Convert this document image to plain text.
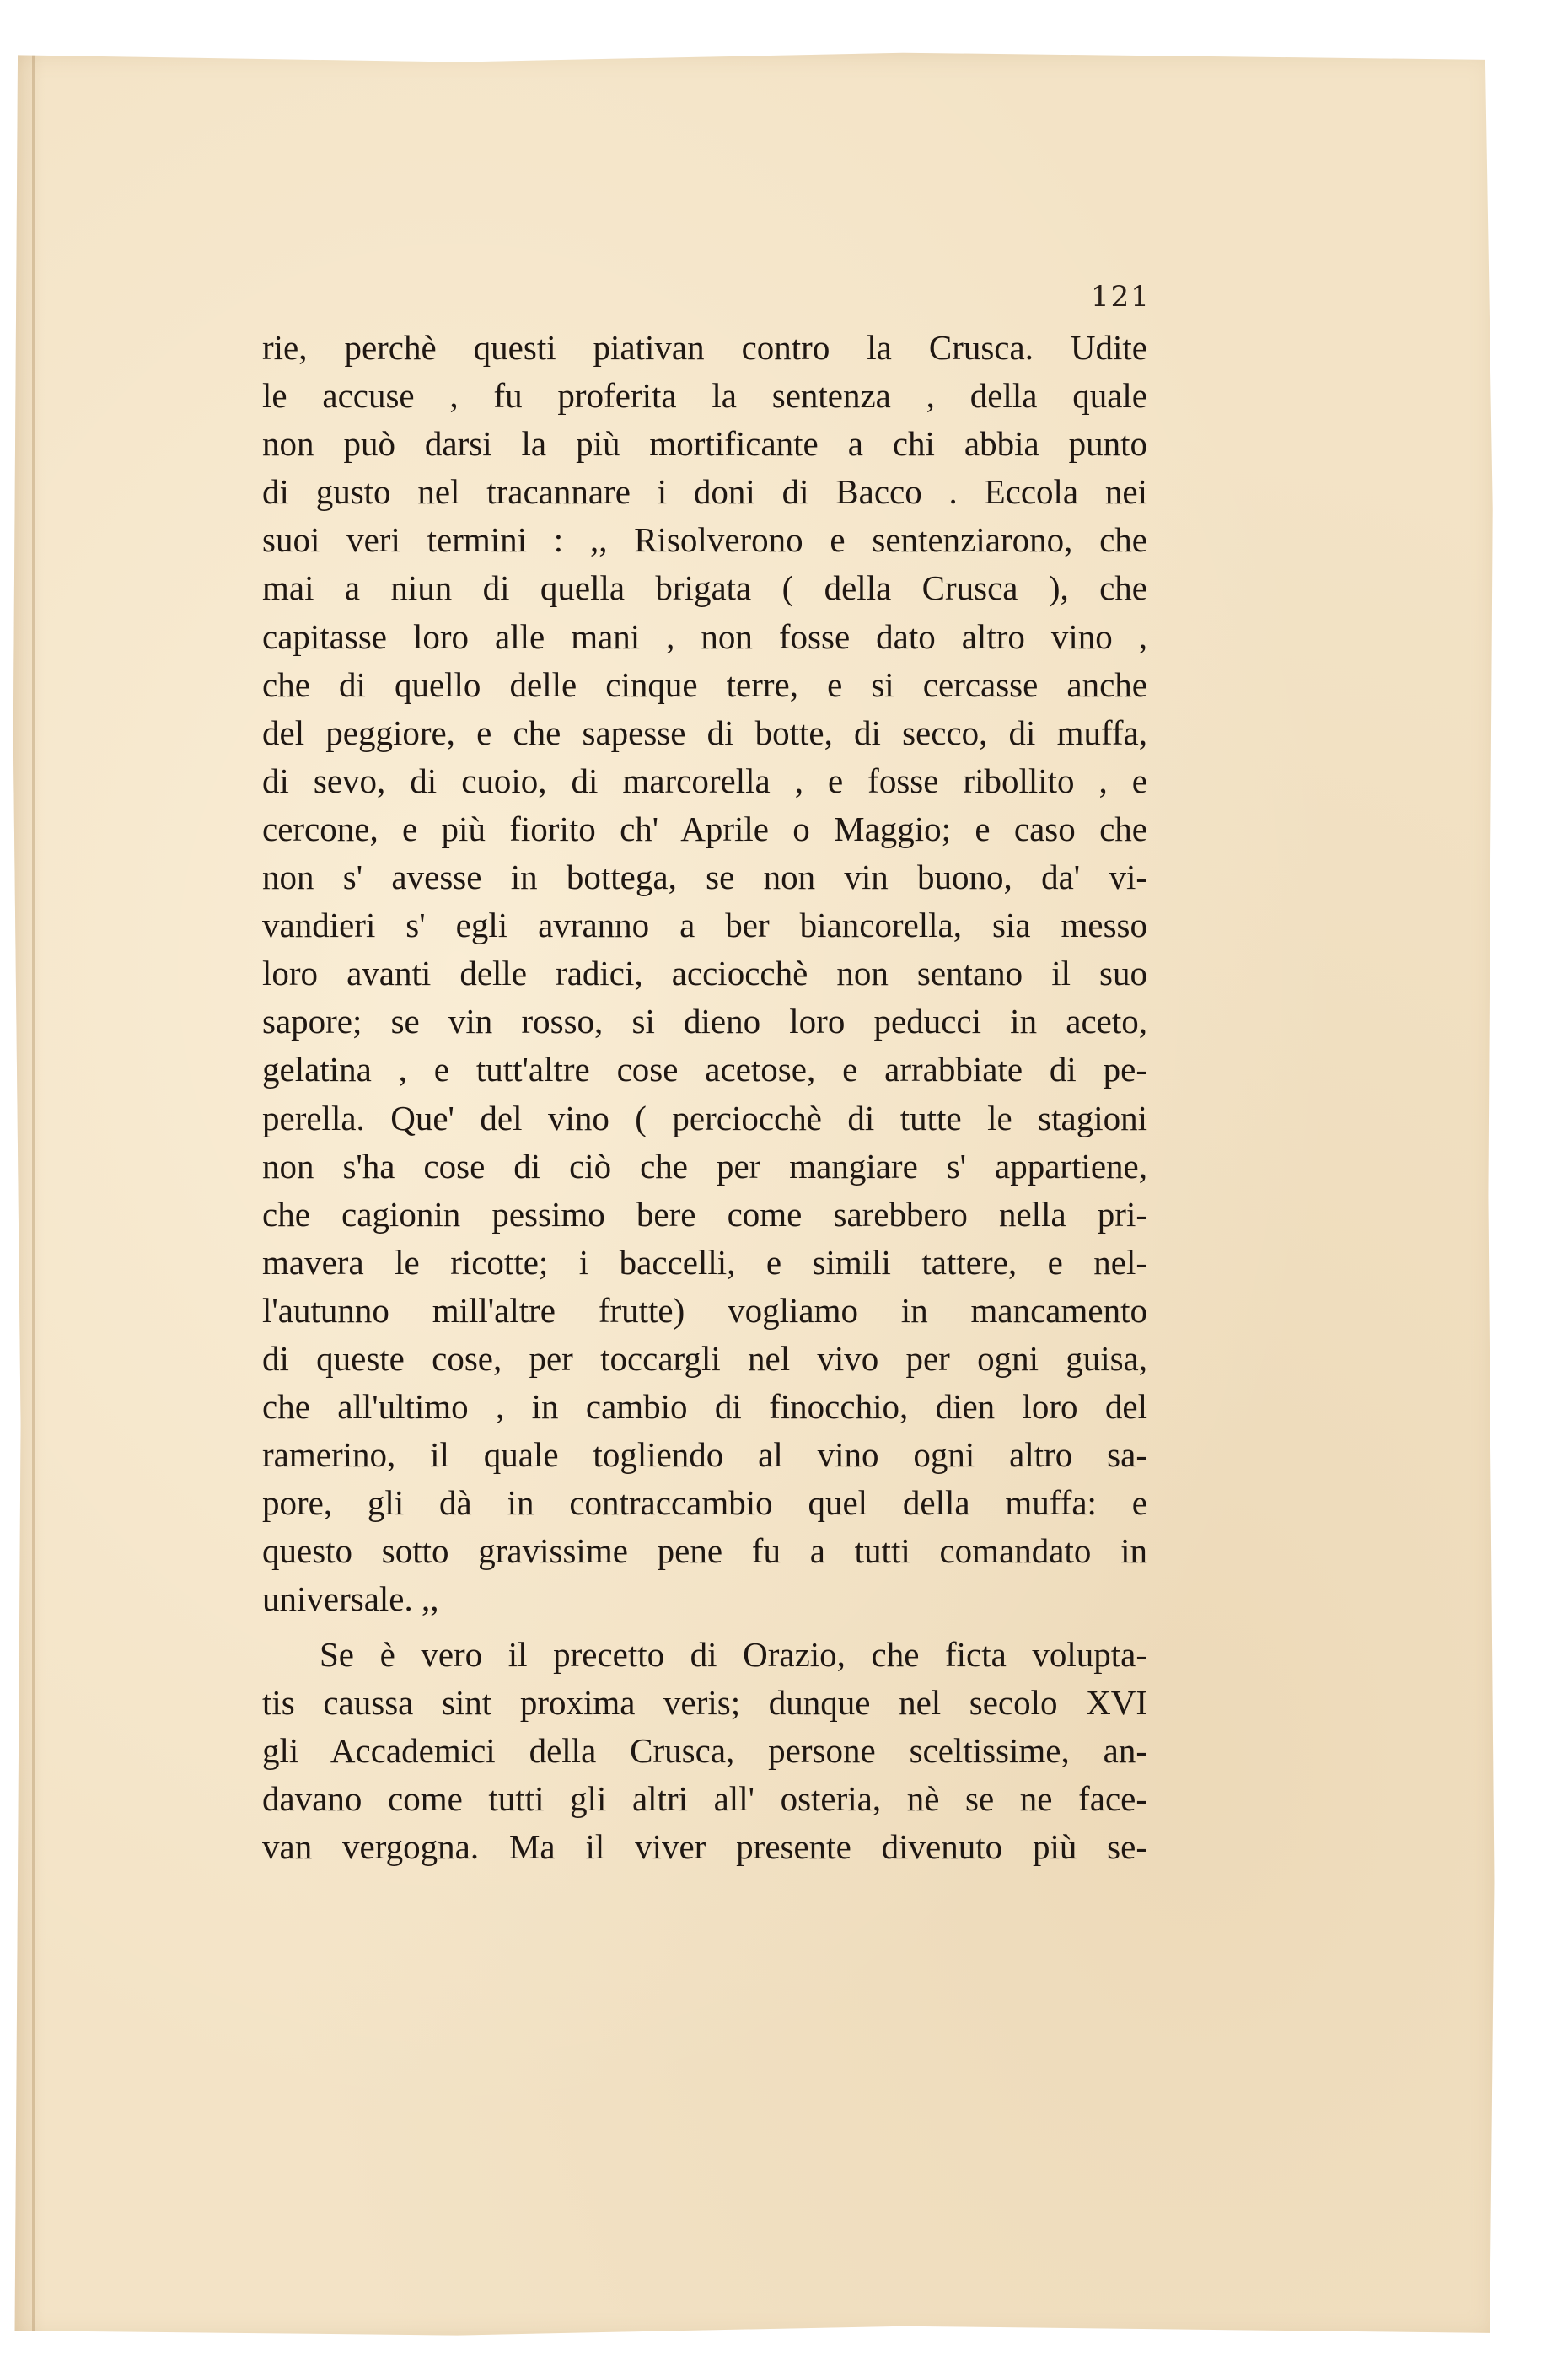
121
rie, perchè questi piativan contro la Crusca. Udite
le accuse , fu proferita la sentenza , della quale
non può darsi la più mortificante a chi abbia punto
di gusto nel tracannare i doni di Bacco . Eccola nei
suoi veri termini : ,, Risolverono e sentenziarono, che
mai a niun di quella brigata ( della Crusca ), che
capitasse loro alle mani , non fosse dato altro vino ,
che di quello delle cinque terre, e si cercasse anche
del peggiore, e che sapesse di botte, di secco, di muffa,
di sevo, di cuoio, di marcorella , e fosse ribollito , e
cercone, e più fiorito ch' Aprile o Maggio; e caso che
non s' avesse in bottega, se non vin buono, da' vi-
vandieri s' egli avranno a ber biancorella, sia messo
loro avanti delle radici, acciocchè non sentano il suo
sapore; se vin rosso, si dieno loro peducci in aceto,
gelatina , e tutt'altre cose acetose, e arrabbiate di pe-
perella. Que' del vino ( perciocchè di tutte le stagioni
non s'ha cose di ciò che per mangiare s' appartiene,
che cagionin pessimo bere come sarebbero nella pri-
mavera le ricotte; i baccelli, e simili tattere, e nel-
l'autunno mill'altre frutte) vogliamo in mancamento
di queste cose, per toccargli nel vivo per ogni guisa,
che all'ultimo , in cambio di finocchio, dien loro del
ramerino, il quale togliendo al vino ogni altro sa-
pore, gli dà in contraccambio quel della muffa: e
questo sotto gravissime pene fu a tutti comandato in
universale. ,,
Se è vero il precetto di Orazio, che ficta volupta-
tis caussa sint proxima veris; dunque nel secolo XVI
gli Accademici della Crusca, persone sceltissime, an-
davano come tutti gli altri all' osteria, nè se ne face-
van vergogna. Ma il viver presente divenuto più se-
